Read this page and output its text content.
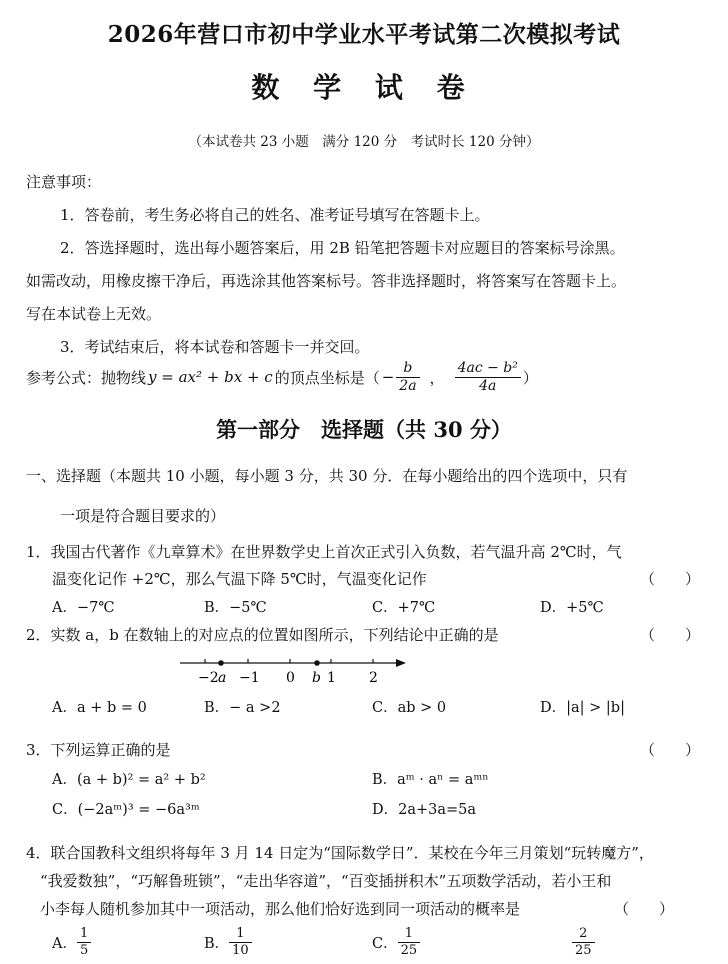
2026年营口市初中学业水平考试第二次模拟考试
数 学 试 卷
（本试卷共 23 小题　满分 120 分　考试时长 120 分钟）
注意事项：
1．答卷前，考生务必将自己的姓名、准考证号填写在答题卡上。
2．答选择题时，选出每小题答案后，用 2B 铅笔把答题卡对应题目的答案标号涂黑。
如需改动，用橡皮擦干净后，再选涂其他答案标号。答非选择题时，将答案写在答题卡上。
写在本试卷上无效。
3．考试结束后，将本试卷和答题卡一并交回。
参考公式：抛物线 y = ax² + bx + c 的顶点坐标是（ − $\frac{b}{2a}$ ， $\frac{\text{4ac − b²}}{4a}$ ）
第一部分　选择题（共 30 分）
一、选择题（本题共 10 小题，每小题 3 分，共 30 分．在每小题给出的四个选项中，只有
一项是符合题目要求的）
1．我国古代著作《九章算术》在世界数学史上首次正式引入负数，若气温升高 2℃时，气
温变化记作 +2℃，那么气温下降 5℃时，气温变化记作	（　　）
A．−7℃	B．−5℃	C．+7℃	D．+5℃
2．实数 a，b 在数轴上的对应点的位置如图所示，下列结论中正确的是	（　　）
−2 a −1 0 b 1 2
A．a + b = 0	B．− a >2	C．ab > 0	D．|a| > |b|
3．下列运算正确的是	（　　）
A．(a + b)² = a² + b²	B．aᵐ · aⁿ = aᵐⁿ
C．(−2aᵐ)³ = −6a³ᵐ	D．2a+3a=5a
4．联合国教科文组织将每年 3 月 14 日定为“国际数学日”．某校在今年三月策划“玩转魔方”，
“我爱数独”，“巧解鲁班锁”，“走出华容道”，“百变插拼积木”五项数学活动，若小王和
小李每人随机参加其中一项活动，那么他们恰好选到同一项活动的概率是	（　　）
A． $\frac{1}{5}$	B． $\frac{1}{10}$	C． $\frac{1}{25}$	$\frac{2}{25}$
